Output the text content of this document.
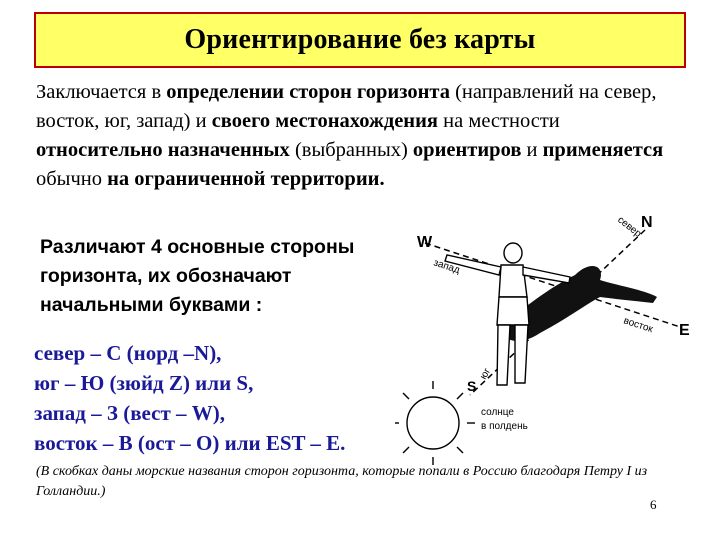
Ориентирование без карты

Заключается в определении сторон горизонта (направлений на север, восток, юг, запад) и своего местонахождения на местности относительно назначенных (выбранных) ориентиров и применяется обычно на ограниченной территории.

Различают 4 основные стороны горизонта, их обозначают начальными буквами :

север – С (норд –N),
юг – Ю (зюйд Z) или S,
запад – З (вест – W),
восток – В (ост – О) или EST – E.
N
север
W
запад
E
восток
S
юг
солнце
в полдень

(В скобках даны морские названия сторон горизонта, которые попали в Россию благодаря Петру I из Голландии.)

6
